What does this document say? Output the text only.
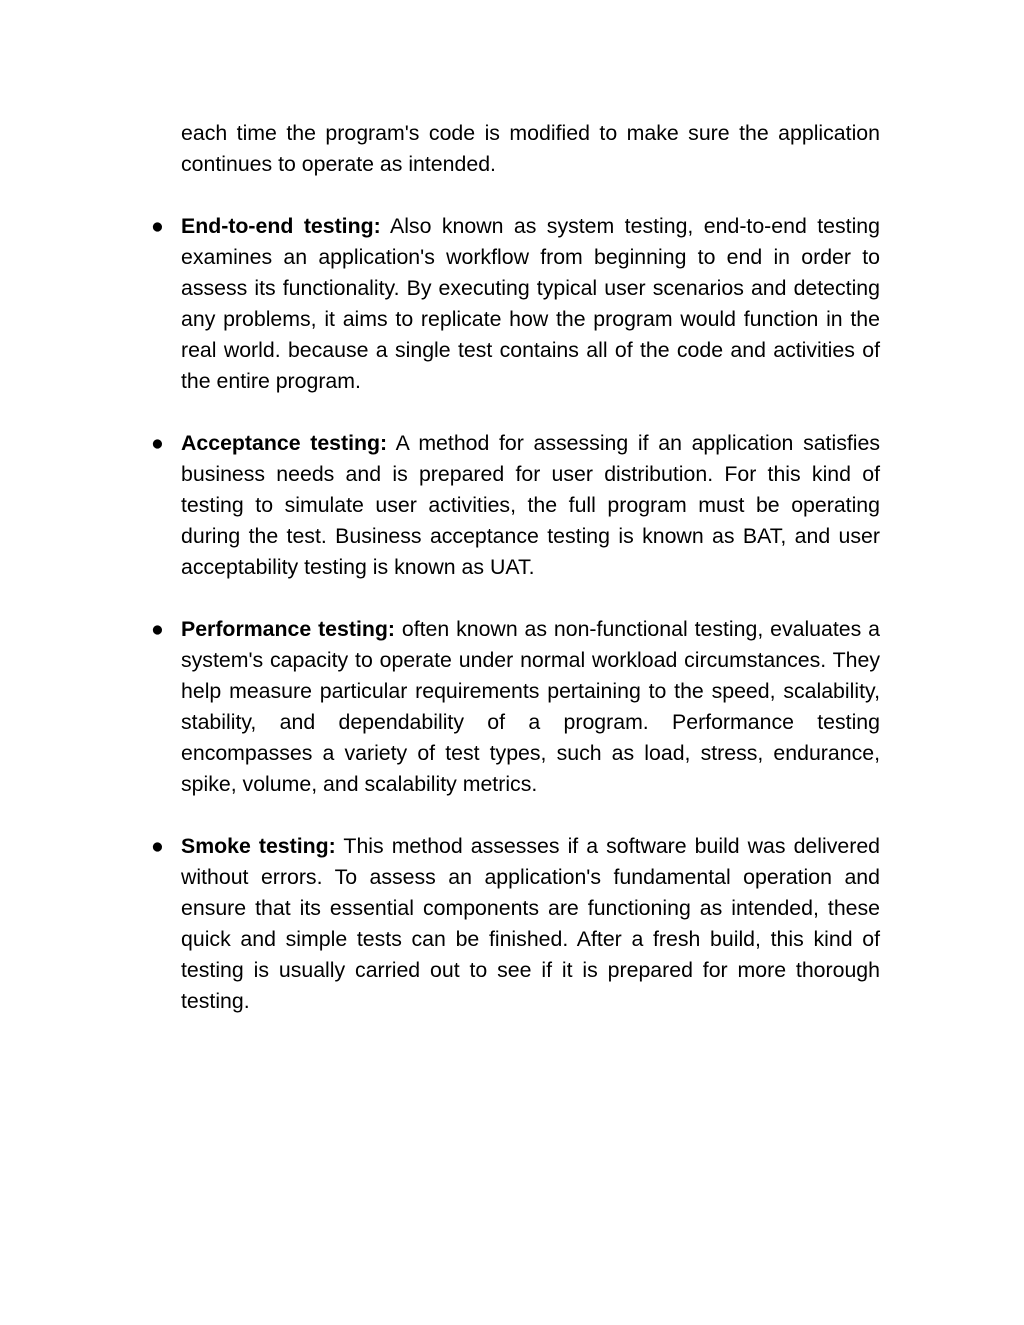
each time the program's code is modified to make sure the application continues to operate as intended.

● End-to-end testing: Also known as system testing, end-to-end testing examines an application's workflow from beginning to end in order to assess its functionality. By executing typical user scenarios and detecting any problems, it aims to replicate how the program would function in the real world. because a single test contains all of the code and activities of the entire program.

● Acceptance testing: A method for assessing if an application satisfies business needs and is prepared for user distribution. For this kind of testing to simulate user activities, the full program must be operating during the test. Business acceptance testing is known as BAT, and user acceptability testing is known as UAT.

● Performance testing: often known as non-functional testing, evaluates a system's capacity to operate under normal workload circumstances. They help measure particular requirements pertaining to the speed, scalability, stability, and dependability of a program. Performance testing encompasses a variety of test types, such as load, stress, endurance, spike, volume, and scalability metrics.

● Smoke testing: This method assesses if a software build was delivered without errors. To assess an application's fundamental operation and ensure that its essential components are functioning as intended, these quick and simple tests can be finished. After a fresh build, this kind of testing is usually carried out to see if it is prepared for more thorough testing.
